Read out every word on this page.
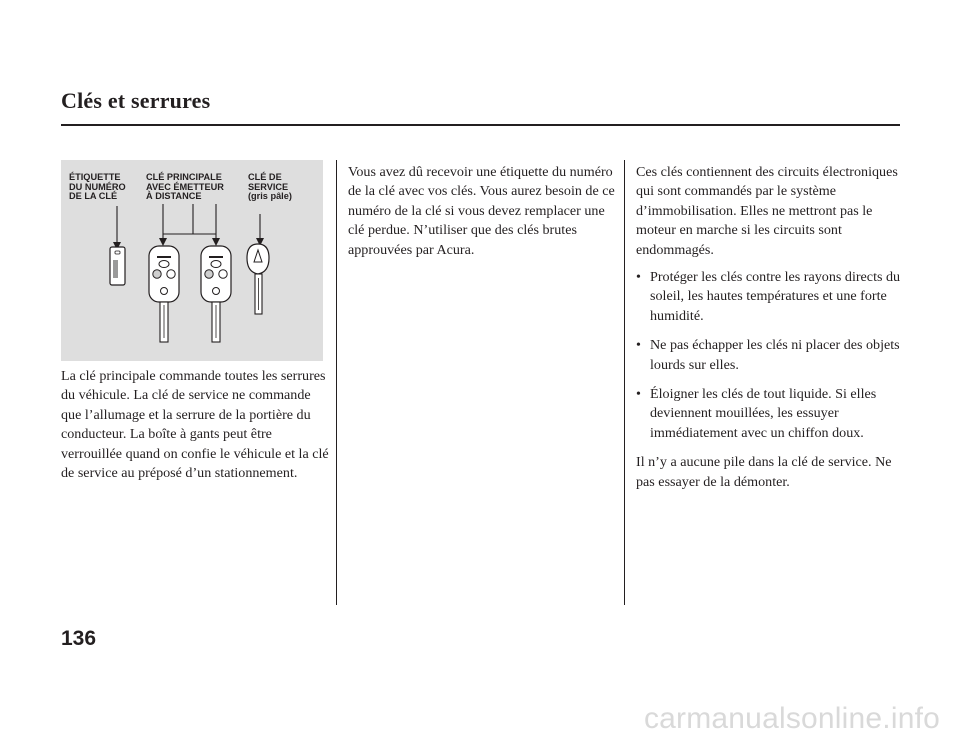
Clés et serrures
ÉTIQUETTE
DU NUMÉRO
DE LA CLÉ
CLÉ PRINCIPALE
AVEC ÉMETTEUR
À DISTANCE
CLÉ DE
SERVICE
(gris pâle)

La clé principale commande toutes les serrures du véhicule. La clé de service ne commande que l’allumage et la serrure de la portière du conducteur. La boîte à gants peut être verrouillée quand on confie le véhicule et la clé de service au préposé d’un stationnement.

Vous avez dû recevoir une étiquette du numéro de la clé avec vos clés. Vous aurez besoin de ce numéro de la clé si vous devez remplacer une clé perdue. N’utiliser que des clés brutes approuvées par Acura.

Ces clés contiennent des circuits électroniques qui sont commandés par le système d’immobilisation. Elles ne mettront pas le moteur en marche si les circuits sont endommagés.

• Protéger les clés contre les rayons directs du soleil, les hautes températures et une forte humidité.
• Ne pas échapper les clés ni placer des objets lourds sur elles.
• Éloigner les clés de tout liquide. Si elles deviennent mouillées, les essuyer immédiatement avec un chiffon doux.

Il n’y a aucune pile dans la clé de service. Ne pas essayer de la démonter.

136
carmanualsonline.info
